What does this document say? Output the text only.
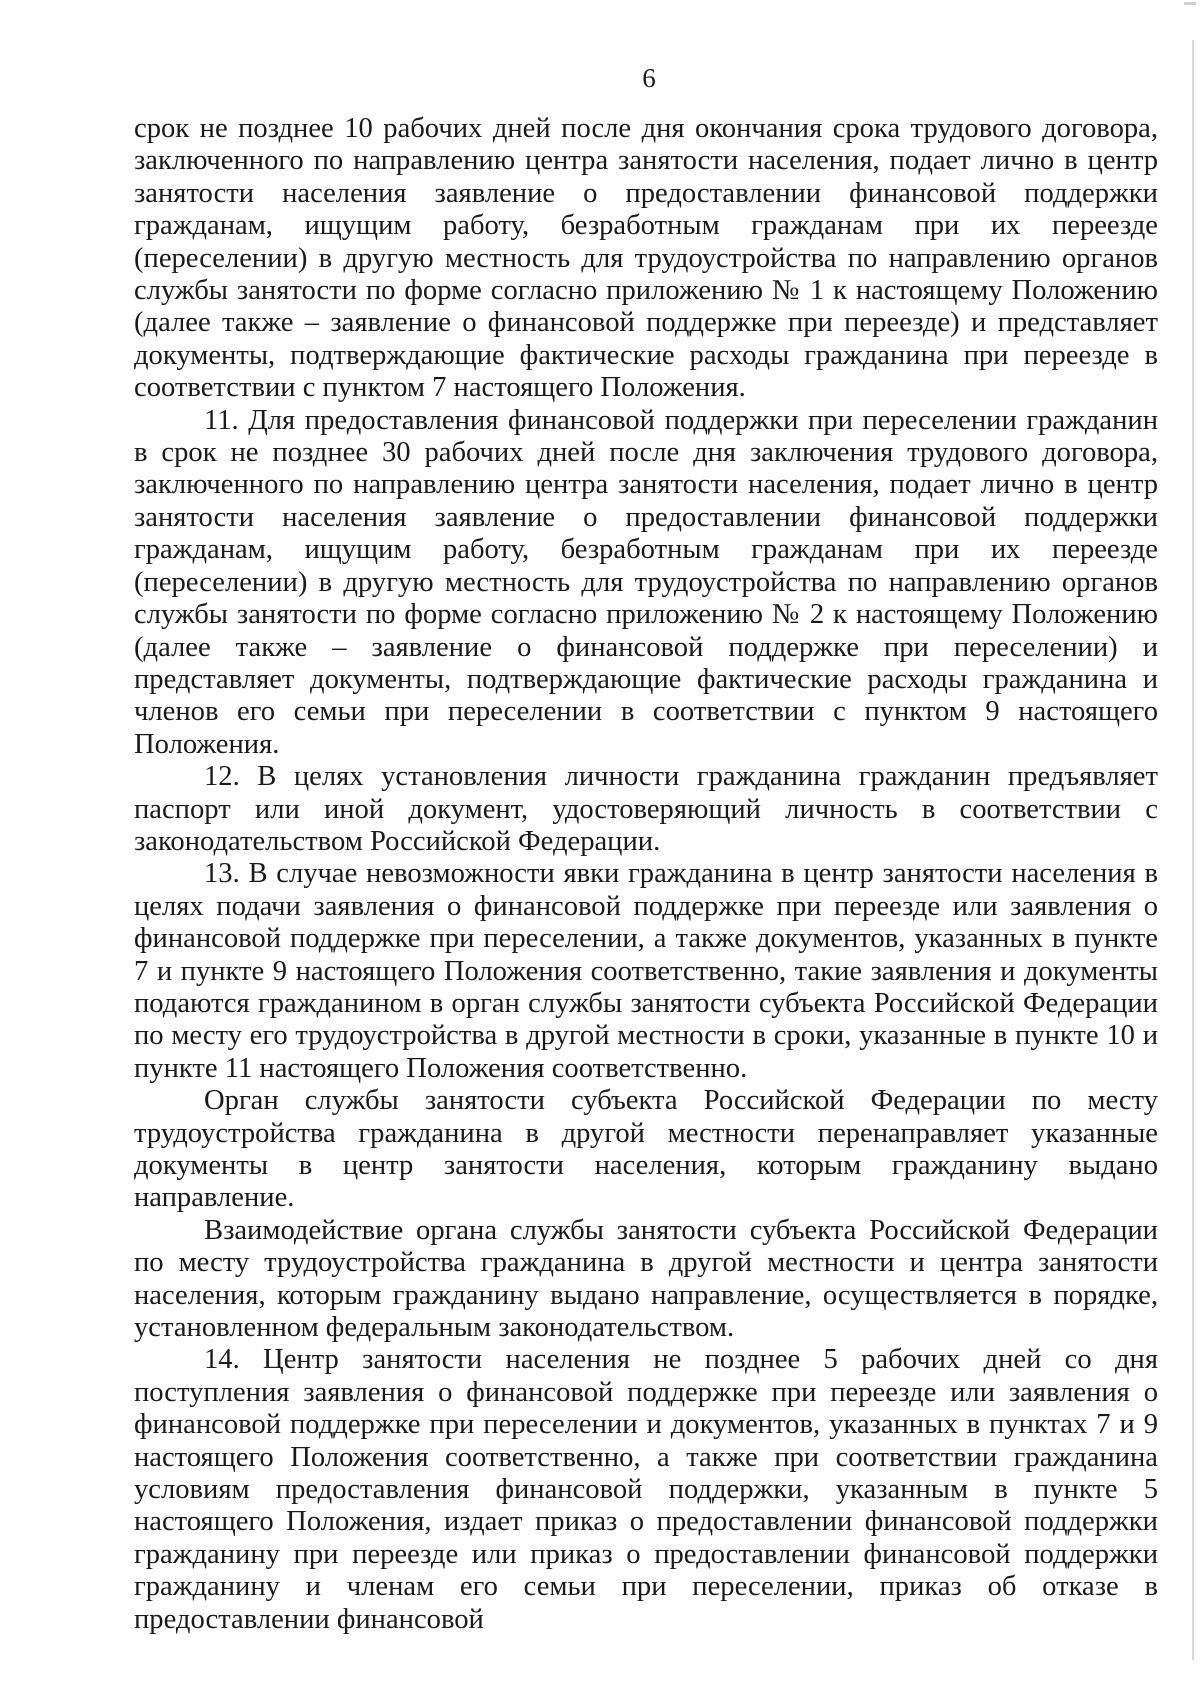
6

срок не позднее 10 рабочих дней после дня окончания срока трудового договора, заключенного по направлению центра занятости населения, подает лично в центр занятости населения заявление о предоставлении финансовой поддержки гражданам, ищущим работу, безработным гражданам при их переезде (переселении) в другую местность для трудоустройства по направлению органов службы занятости по форме согласно приложению № 1 к настоящему Положению (далее также – заявление о финансовой поддержке при переезде) и представляет документы, подтверждающие фактические расходы гражданина при переезде в соответствии с пунктом 7 настоящего Положения.

11. Для предоставления финансовой поддержки при переселении гражданин в срок не позднее 30 рабочих дней после дня заключения трудового договора, заключенного по направлению центра занятости населения, подает лично в центр занятости населения заявление о предоставлении финансовой поддержки гражданам, ищущим работу, безработным гражданам при их переезде (переселении) в другую местность для трудоустройства по направлению органов службы занятости по форме согласно приложению № 2 к настоящему Положению (далее также – заявление о финансовой поддержке при переселении) и представляет документы, подтверждающие фактические расходы гражданина и членов его семьи при переселении в соответствии с пунктом 9 настоящего Положения.

12. В целях установления личности гражданина гражданин предъявляет паспорт или иной документ, удостоверяющий личность в соответствии с законодательством Российской Федерации.

13. В случае невозможности явки гражданина в центр занятости населения в целях подачи заявления о финансовой поддержке при переезде или заявления о финансовой поддержке при переселении, а также документов, указанных в пункте 7 и пункте 9 настоящего Положения соответственно, такие заявления и документы подаются гражданином в орган службы занятости субъекта Российской Федерации по месту его трудоустройства в другой местности в сроки, указанные в пункте 10 и пункте 11 настоящего Положения соответственно.

Орган службы занятости субъекта Российской Федерации по месту трудоустройства гражданина в другой местности перенаправляет указанные документы в центр занятости населения, которым гражданину выдано направление.

Взаимодействие органа службы занятости субъекта Российской Федерации по месту трудоустройства гражданина в другой местности и центра занятости населения, которым гражданину выдано направление, осуществляется в порядке, установленном федеральным законодательством.

14. Центр занятости населения не позднее 5 рабочих дней со дня поступления заявления о финансовой поддержке при переезде или заявления о финансовой поддержке при переселении и документов, указанных в пунктах 7 и 9 настоящего Положения соответственно, а также при соответствии гражданина условиям предоставления финансовой поддержки, указанным в пункте 5 настоящего Положения, издает приказ о предоставлении финансовой поддержки гражданину при переезде или приказ о предоставлении финансовой поддержки гражданину и членам его семьи при переселении, приказ об отказе в предоставлении финансовой
